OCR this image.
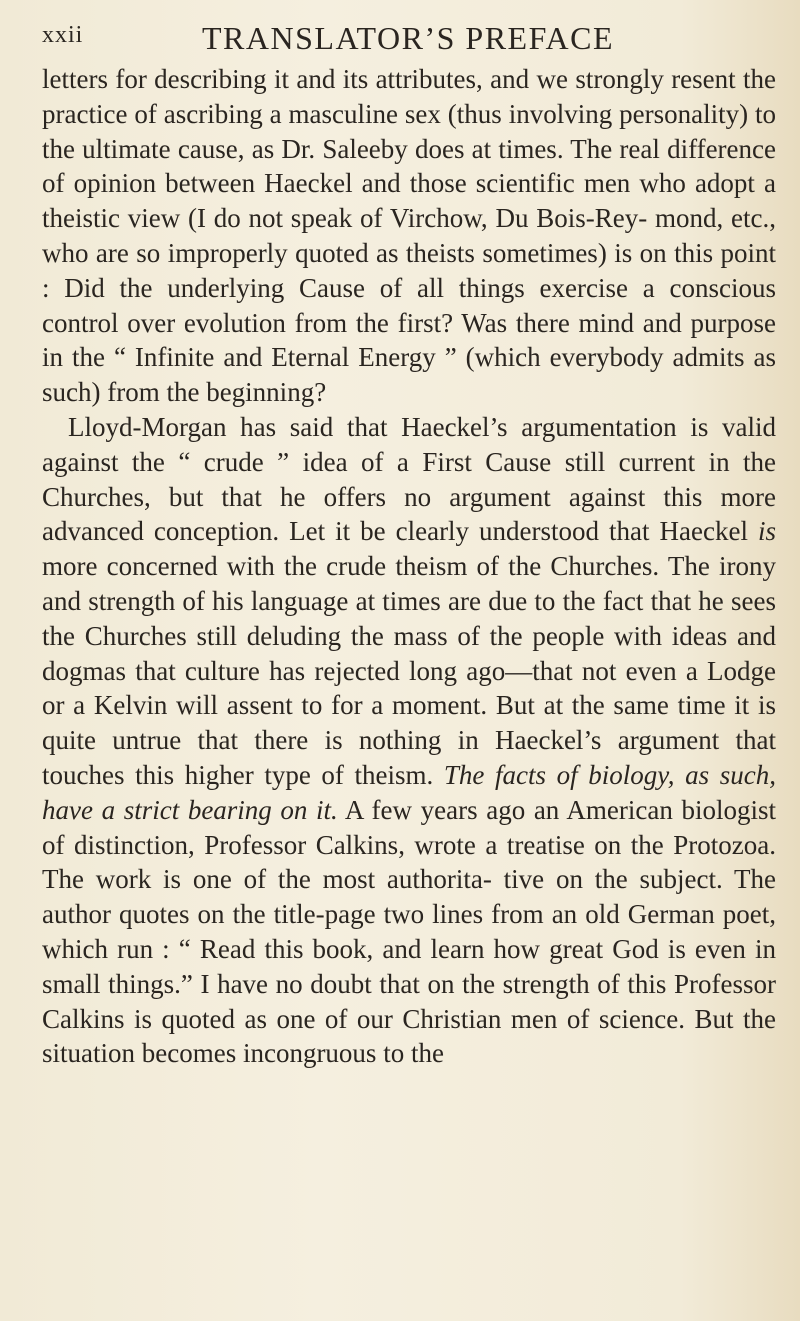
xxii	TRANSLATOR’S PREFACE

letters for describing it and its attributes, and we strongly resent the practice of ascribing a masculine sex (thus involving personality) to the ultimate cause, as Dr. Saleeby does at times. The real difference of opinion between Haeckel and those scientific men who adopt a theistic view (I do not speak of Virchow, Du Bois-Rey- mond, etc., who are so improperly quoted as theists sometimes) is on this point : Did the underlying Cause of all things exercise a conscious control over evolution from the first? Was there mind and purpose in the “ Infinite and Eternal Energy ” (which everybody admits as such) from the beginning?

Lloyd-Morgan has said that Haeckel’s argumentation is valid against the “ crude ” idea of a First Cause still current in the Churches, but that he offers no argument against this more advanced conception. Let it be clearly understood that Haeckel is more concerned with the crude theism of the Churches. The irony and strength of his language at times are due to the fact that he sees the Churches still deluding the mass of the people with ideas and dogmas that culture has rejected long ago—that not even a Lodge or a Kelvin will assent to for a moment. But at the same time it is quite untrue that there is nothing in Haeckel’s argument that touches this higher type of theism. The facts of biology, as such, have a strict bearing on it. A few years ago an American biologist of distinction, Professor Calkins, wrote a treatise on the Protozoa. The work is one of the most authorita- tive on the subject. The author quotes on the title-page two lines from an old German poet, which run : “ Read this book, and learn how great God is even in small things.” I have no doubt that on the strength of this Professor Calkins is quoted as one of our Christian men of science. But the situation becomes incongruous to the
